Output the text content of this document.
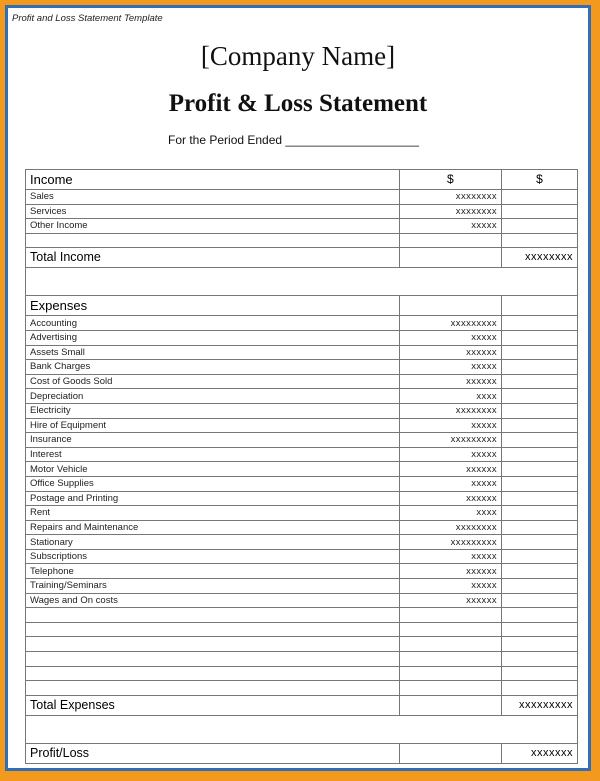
Profit and Loss Statement Template
[Company Name]
Profit & Loss Statement
For the Period Ended ____________________
Income	$	$
Sales	xxxxxxxx	
Services	xxxxxxxx	
Other Income	xxxxx	

Total Income		xxxxxxxx

Expenses		
Accounting	xxxxxxxxx	
Advertising	xxxxx	
Assets Small	xxxxxx	
Bank Charges	xxxxx	
Cost of Goods Sold	xxxxxx	
Depreciation	xxxx	
Electricity	xxxxxxxx	
Hire of Equipment	xxxxx	
Insurance	xxxxxxxxx	
Interest	xxxxx	
Motor Vehicle	xxxxxx	
Office Supplies	xxxxx	
Postage and Printing	xxxxxx	
Rent	xxxx	
Repairs and Maintenance	xxxxxxxx	
Stationary	xxxxxxxxx	
Subscriptions	xxxxx	
Telephone	xxxxxx	
Training/Seminars	xxxxx	
Wages and On costs	xxxxxx	

Total Expenses		xxxxxxxxx

Profit/Loss		xxxxxxx
